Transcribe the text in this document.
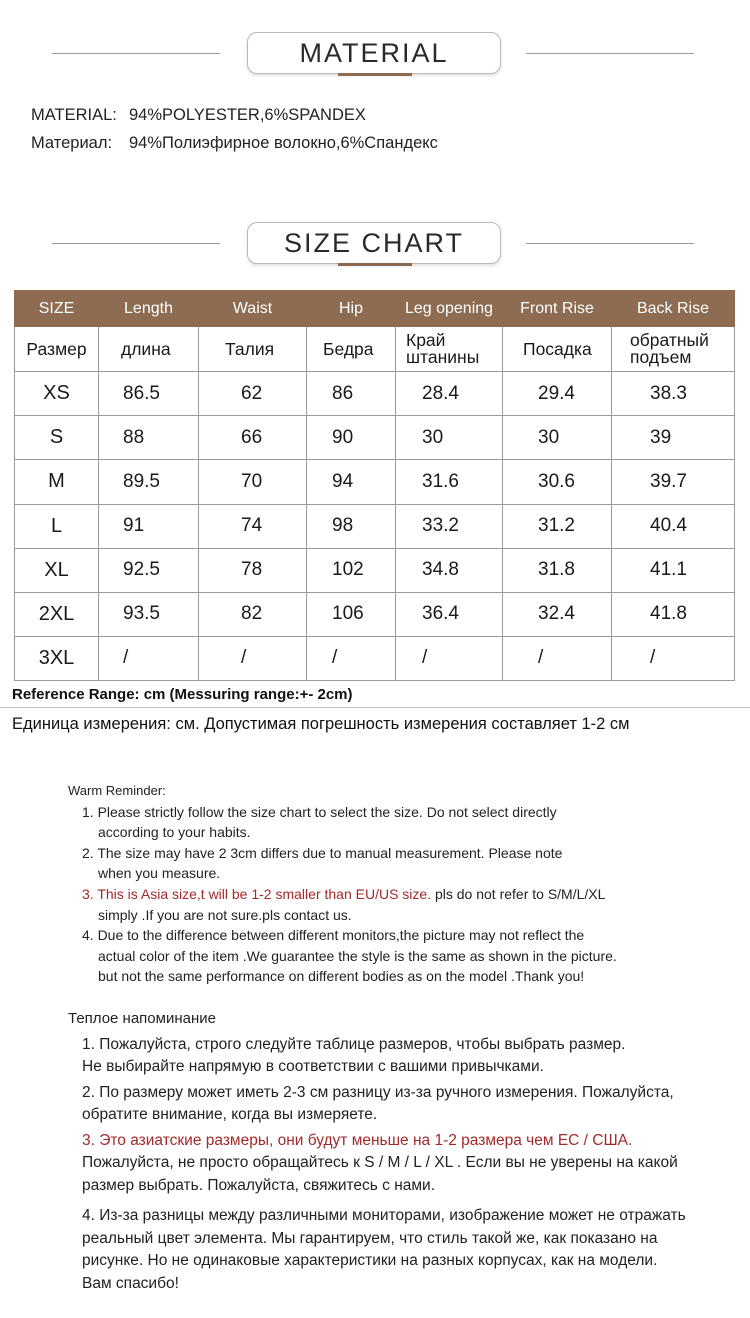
MATERIAL
MATERIAL: 94%POLYESTER,6%SPANDEX
Материал: 94%Полиэфирное волокно,6%Спандекс
SIZE CHART
SIZE	Length	Waist	Hip	Leg opening	Front Rise	Back Rise
Размер	длина	Талия	Бедра	Край штанины	Посадка	обратный подъем
XS	86.5	62	86	28.4	29.4	38.3
S	88	66	90	30	30	39
M	89.5	70	94	31.6	30.6	39.7
L	91	74	98	33.2	31.2	40.4
XL	92.5	78	102	34.8	31.8	41.1
2XL	93.5	82	106	36.4	32.4	41.8
3XL	/	/	/	/	/	/
Reference Range: cm (Messuring range:+- 2cm)
Единица измерения: см. Допустимая погрешность измерения составляет 1-2 см
Warm Reminder:
1. Please strictly follow the size chart to select the size. Do not select directly
according to your habits.
2. The size may have 2 3cm differs due to manual measurement. Please note
when you measure.
3. This is Asia size,t will be 1-2 smaller than EU/US size. pls do not refer to S/M/L/XL
simply .If you are not sure.pls contact us.
4. Due to the difference between different monitors,the picture may not reflect the
actual color of the item .We guarantee the style is the same as shown in the picture.
but not the same performance on different bodies as on the model .Thank you!
Теплое напоминание
1. Пожалуйста, строго следуйте таблице размеров, чтобы выбрать размер.
Не выбирайте напрямую в соответствии с вашими привычками.
2. По размеру может иметь 2-3 см разницу из-за ручного измерения. Пожалуйста,
обратите внимание, когда вы измеряете.
3. Это азиатские размеры, они будут меньше на 1-2 размера чем EC / США.
Пожалуйста, не просто обращайтесь к S / M / L / XL . Если вы не уверены на какой
размер выбрать. Пожалуйста, свяжитесь с нами.
4. Из-за разницы между различными мониторами, изображение может не отражать
реальный цвет элемента. Мы гарантируем, что стиль такой же, как показано на
рисунке. Но не одинаковые характеристики на разных корпусах, как на модели.
Вам спасибо!
